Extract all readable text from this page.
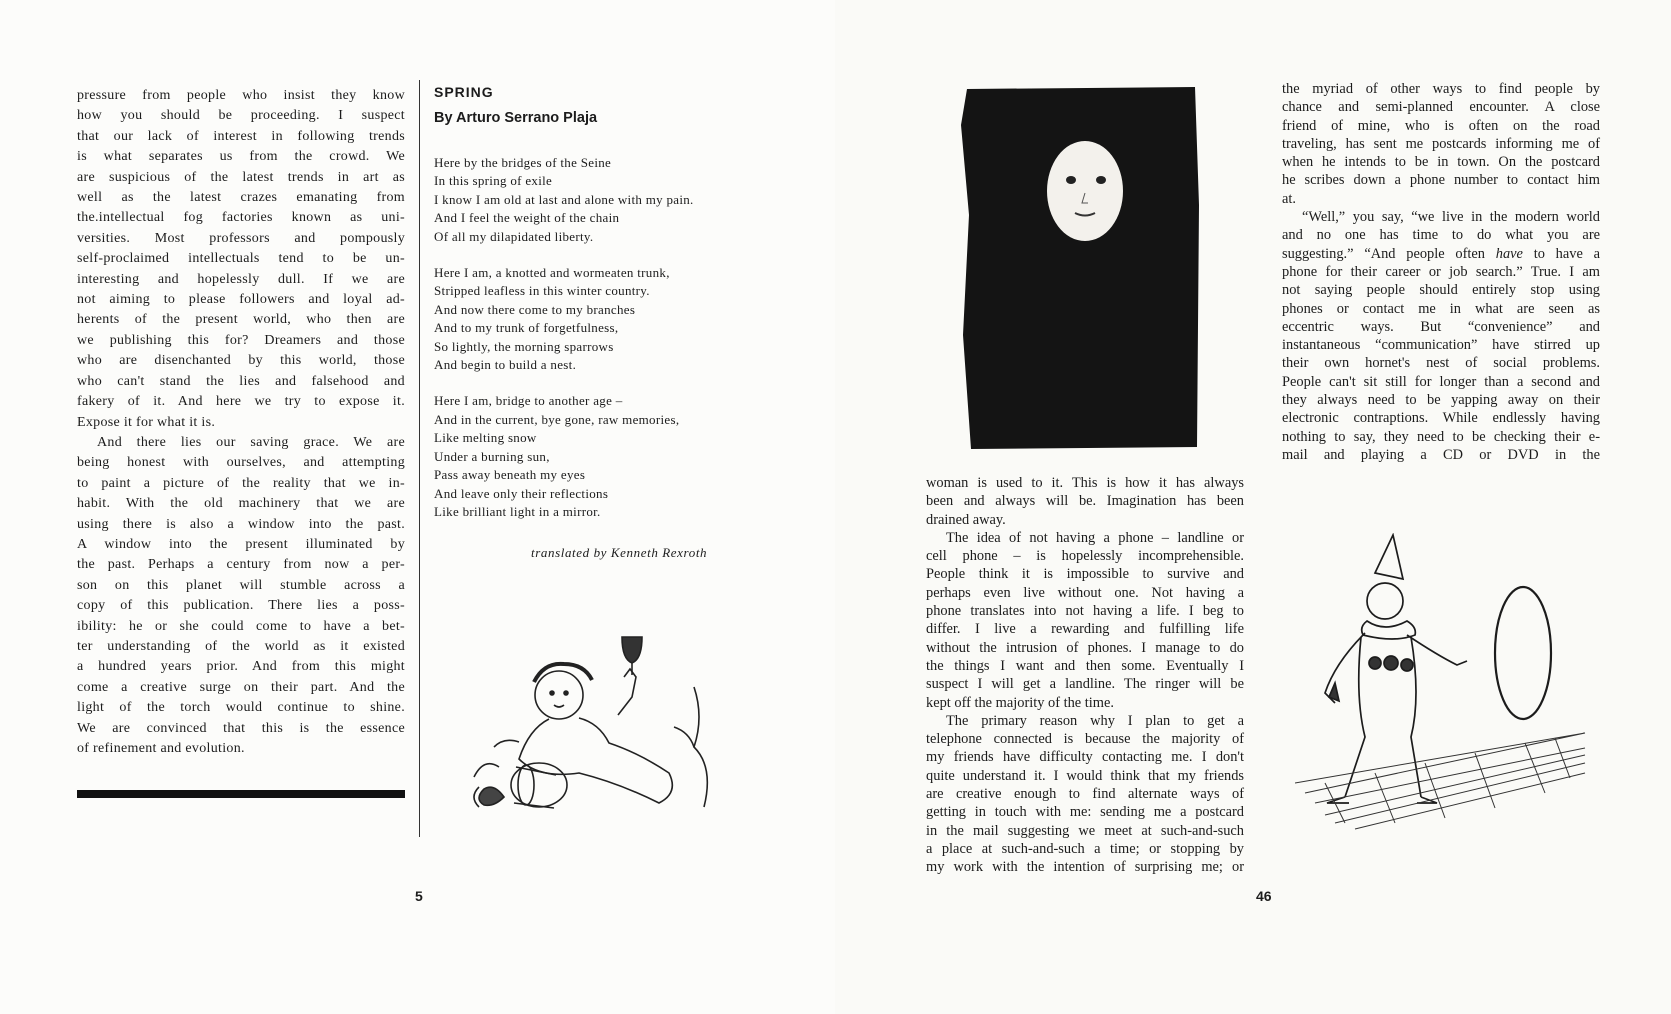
pressure from people who insist they know
how you should be proceeding. I suspect
that our lack of interest in following trends
is what separates us from the crowd. We
are suspicious of the latest trends in art as
well as the latest crazes emanating from
the.intellectual fog factories known as uni-
versities. Most professors and pompously
self-proclaimed intellectuals tend to be un-
interesting and hopelessly dull. If we are
not aiming to please followers and loyal ad-
herents of the present world, who then are
we publishing this for? Dreamers and those
who are disenchanted by this world, those
who can't stand the lies and falsehood and
fakery of it. And here we try to expose it.
Expose it for what it is.
And there lies our saving grace. We are
being honest with ourselves, and attempting
to paint a picture of the reality that we in-
habit. With the old machinery that we are
using there is also a window into the past.
A window into the present illuminated by
the past. Perhaps a century from now a per-
son on this planet will stumble across a
copy of this publication. There lies a poss-
ibility: he or she could come to have a bet-
ter understanding of the world as it existed
a hundred years prior. And from this might
come a creative surge on their part. And the
light of the torch would continue to shine.
We are convinced that this is the essence
of refinement and evolution.
SPRING
By Arturo Serrano Plaja
Here by the bridges of the Seine
In this spring of exile
I know I am old at last and alone with my pain.
And I feel the weight of the chain
Of all my dilapidated liberty.
Here I am, a knotted and wormeaten trunk,
Stripped leafless in this winter country.
And now there come to my branches
And to my trunk of forgetfulness,
So lightly, the morning sparrows
And begin to build a nest.
Here I am, bridge to another age –
And in the current, bye gone, raw memories,
Like melting snow
Under a burning sun,
Pass away beneath my eyes
And leave only their reflections
Like brilliant light in a mirror.
translated by Kenneth Rexroth
5
woman is used to it. This is how it has always
been and always will be. Imagination has been
drained away.
The idea of not having a phone – landline or
cell phone – is hopelessly incomprehensible.
People think it is impossible to survive and
perhaps even live without one. Not having a
phone translates into not having a life. I beg to
differ. I live a rewarding and fulfilling life
without the intrusion of phones. I manage to do
the things I want and then some. Eventually I
suspect I will get a landline. The ringer will be
kept off the majority of the time.
The primary reason why I plan to get a
telephone connected is because the majority of
my friends have difficulty contacting me. I don't
quite understand it. I would think that my friends
are creative enough to find alternate ways of
getting in touch with me: sending me a postcard
in the mail suggesting we meet at such-and-such
a place at such-and-such a time; or stopping by
my work with the intention of surprising me; or
the myriad of other ways to find people by
chance and semi-planned encounter. A close
friend of mine, who is often on the road
traveling, has sent me postcards informing me of
when he intends to be in town. On the postcard
he scribes down a phone number to contact him
at.
“Well,” you say, “we live in the modern world
and no one has time to do what you are
suggesting.” “And people often have to have a
phone for their career or job search.” True. I am
not saying people should entirely stop using
phones or contact me in what are seen as
eccentric ways. But “convenience” and
instantaneous “communication” have stirred up
their own hornet's nest of social problems.
People can't sit still for longer than a second and
they always need to be yapping away on their
electronic contraptions. While endlessly having
nothing to say, they need to be checking their e-
mail and playing a CD or DVD in the
46
